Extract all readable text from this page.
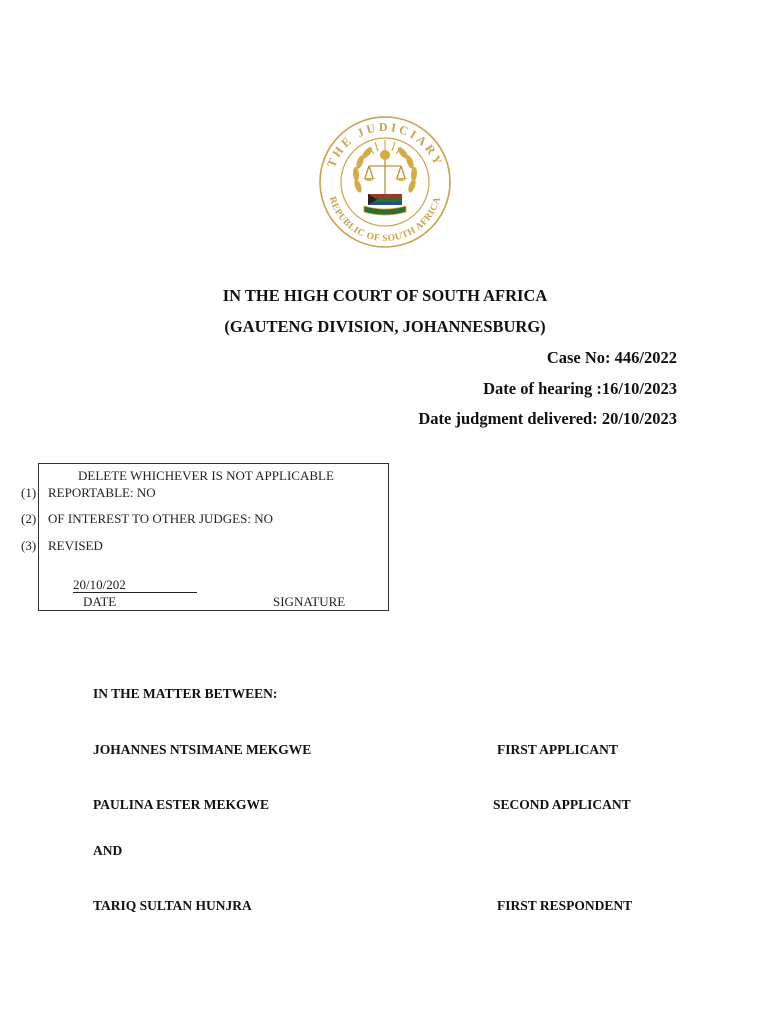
THE JUDICIARY
REPUBLIC OF SOUTH AFRICA
IN THE HIGH COURT OF SOUTH AFRICA
(GAUTENG DIVISION, JOHANNESBURG)
Case No: 446/2022
Date of hearing :16/10/2023
Date judgment delivered: 20/10/2023
DELETE WHICHEVER IS NOT APPLICABLE
(1) REPORTABLE: NO
(2) OF INTEREST TO OTHER JUDGES: NO
(3) REVISED
20/10/202
DATE	SIGNATURE
IN THE MATTER BETWEEN:
JOHANNES NTSIMANE MEKGWE	FIRST APPLICANT
PAULINA ESTER MEKGWE	SECOND APPLICANT
AND
TARIQ SULTAN HUNJRA	FIRST RESPONDENT
